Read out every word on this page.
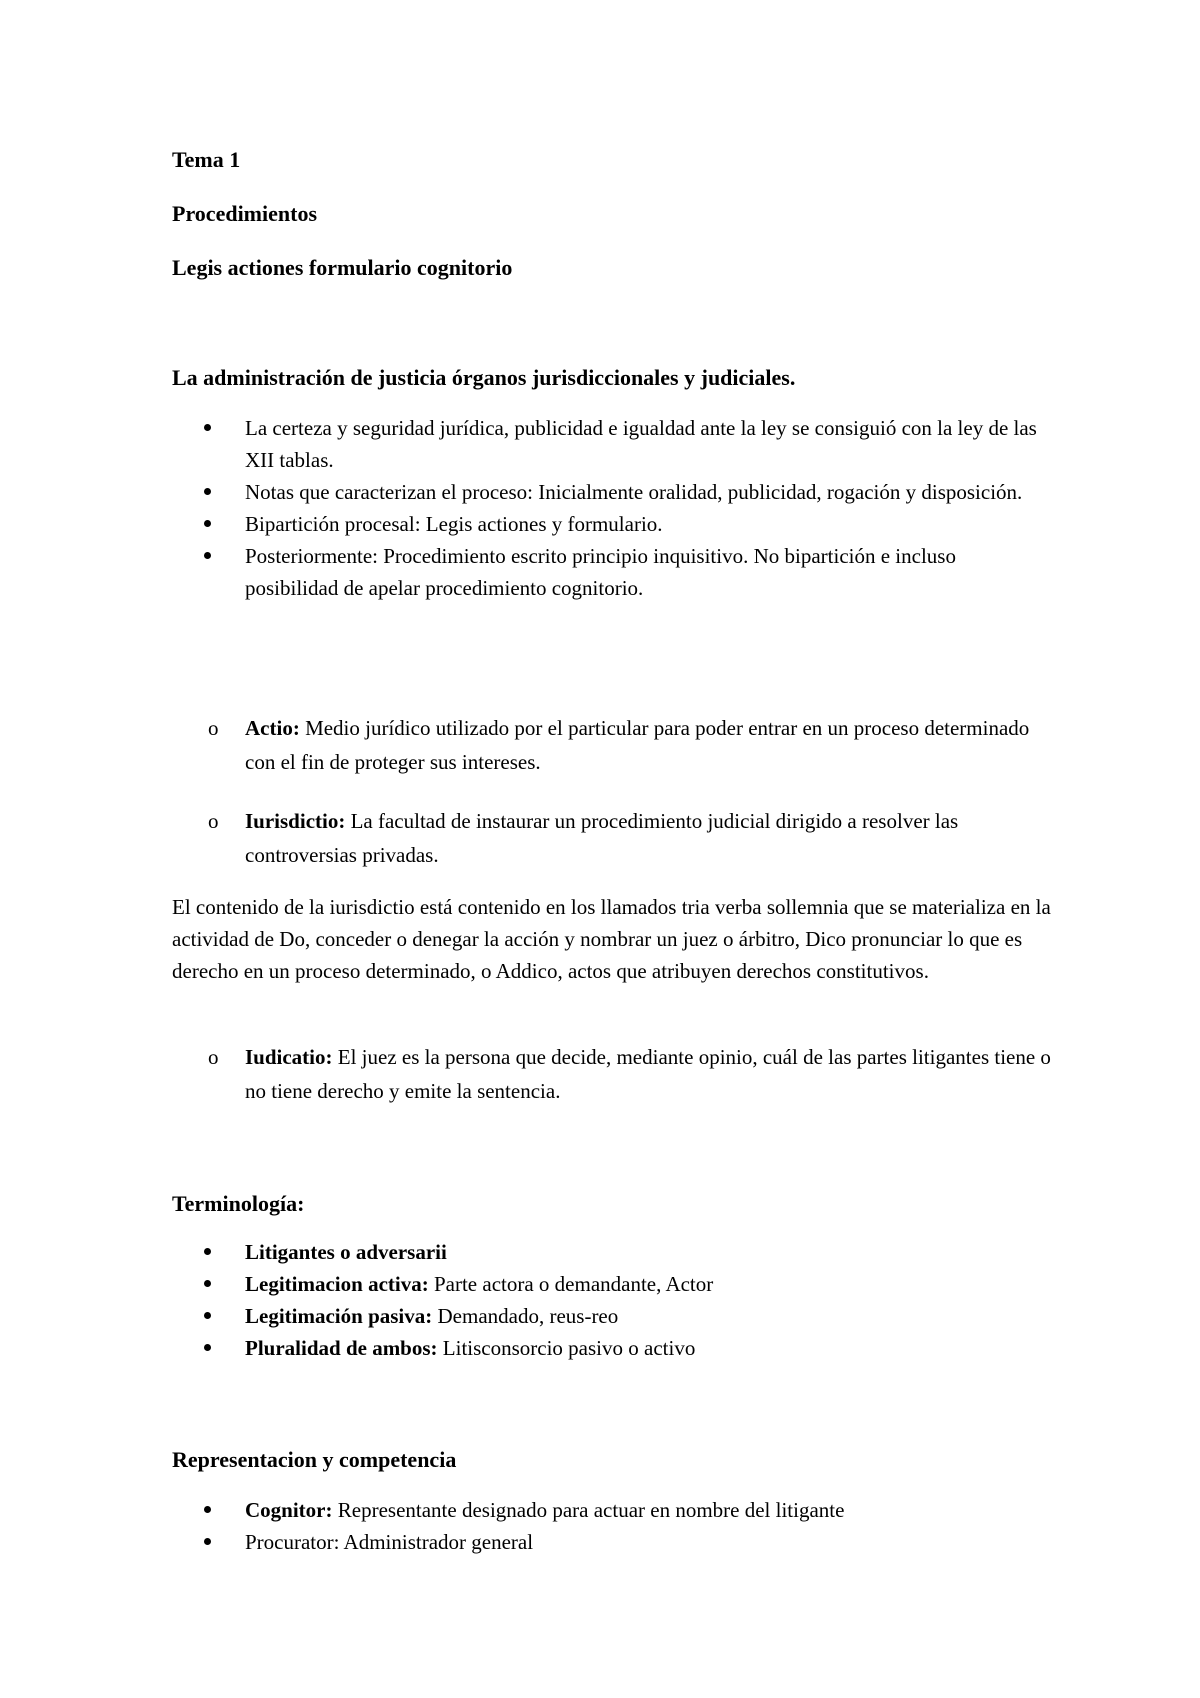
Tema 1

Procedimientos

Legis actiones formulario cognitorio

La administración de justicia órganos jurisdiccionales y judiciales.

La certeza y seguridad jurídica, publicidad e igualdad ante la ley se consiguió con la ley de las XII tablas.
Notas que caracterizan el proceso: Inicialmente oralidad, publicidad, rogación y disposición.
Bipartición procesal: Legis actiones y formulario.
Posteriormente: Procedimiento escrito principio inquisitivo. No bipartición e incluso posibilidad de apelar procedimiento cognitorio.
o Actio: Medio jurídico utilizado por el particular para poder entrar en un proceso determinado con el fin de proteger sus intereses.
o Iurisdictio: La facultad de instaurar un procedimiento judicial dirigido a resolver las controversias privadas.

El contenido de la iurisdictio está contenido en los llamados tria verba sollemnia que se materializa en la actividad de Do, conceder o denegar la acción y nombrar un juez o árbitro, Dico pronunciar lo que es derecho en un proceso determinado, o Addico, actos que atribuyen derechos constitutivos.

o Iudicatio: El juez es la persona que decide, mediante opinio, cuál de las partes litigantes tiene o no tiene derecho y emite la sentencia.

Terminología:

Litigantes o adversarii
Legitimacion activa: Parte actora o demandante, Actor
Legitimación pasiva: Demandado, reus-reo
Pluralidad de ambos: Litisconsorcio pasivo o activo

Representacion y competencia

Cognitor: Representante designado para actuar en nombre del litigante
Procurator: Administrador general
